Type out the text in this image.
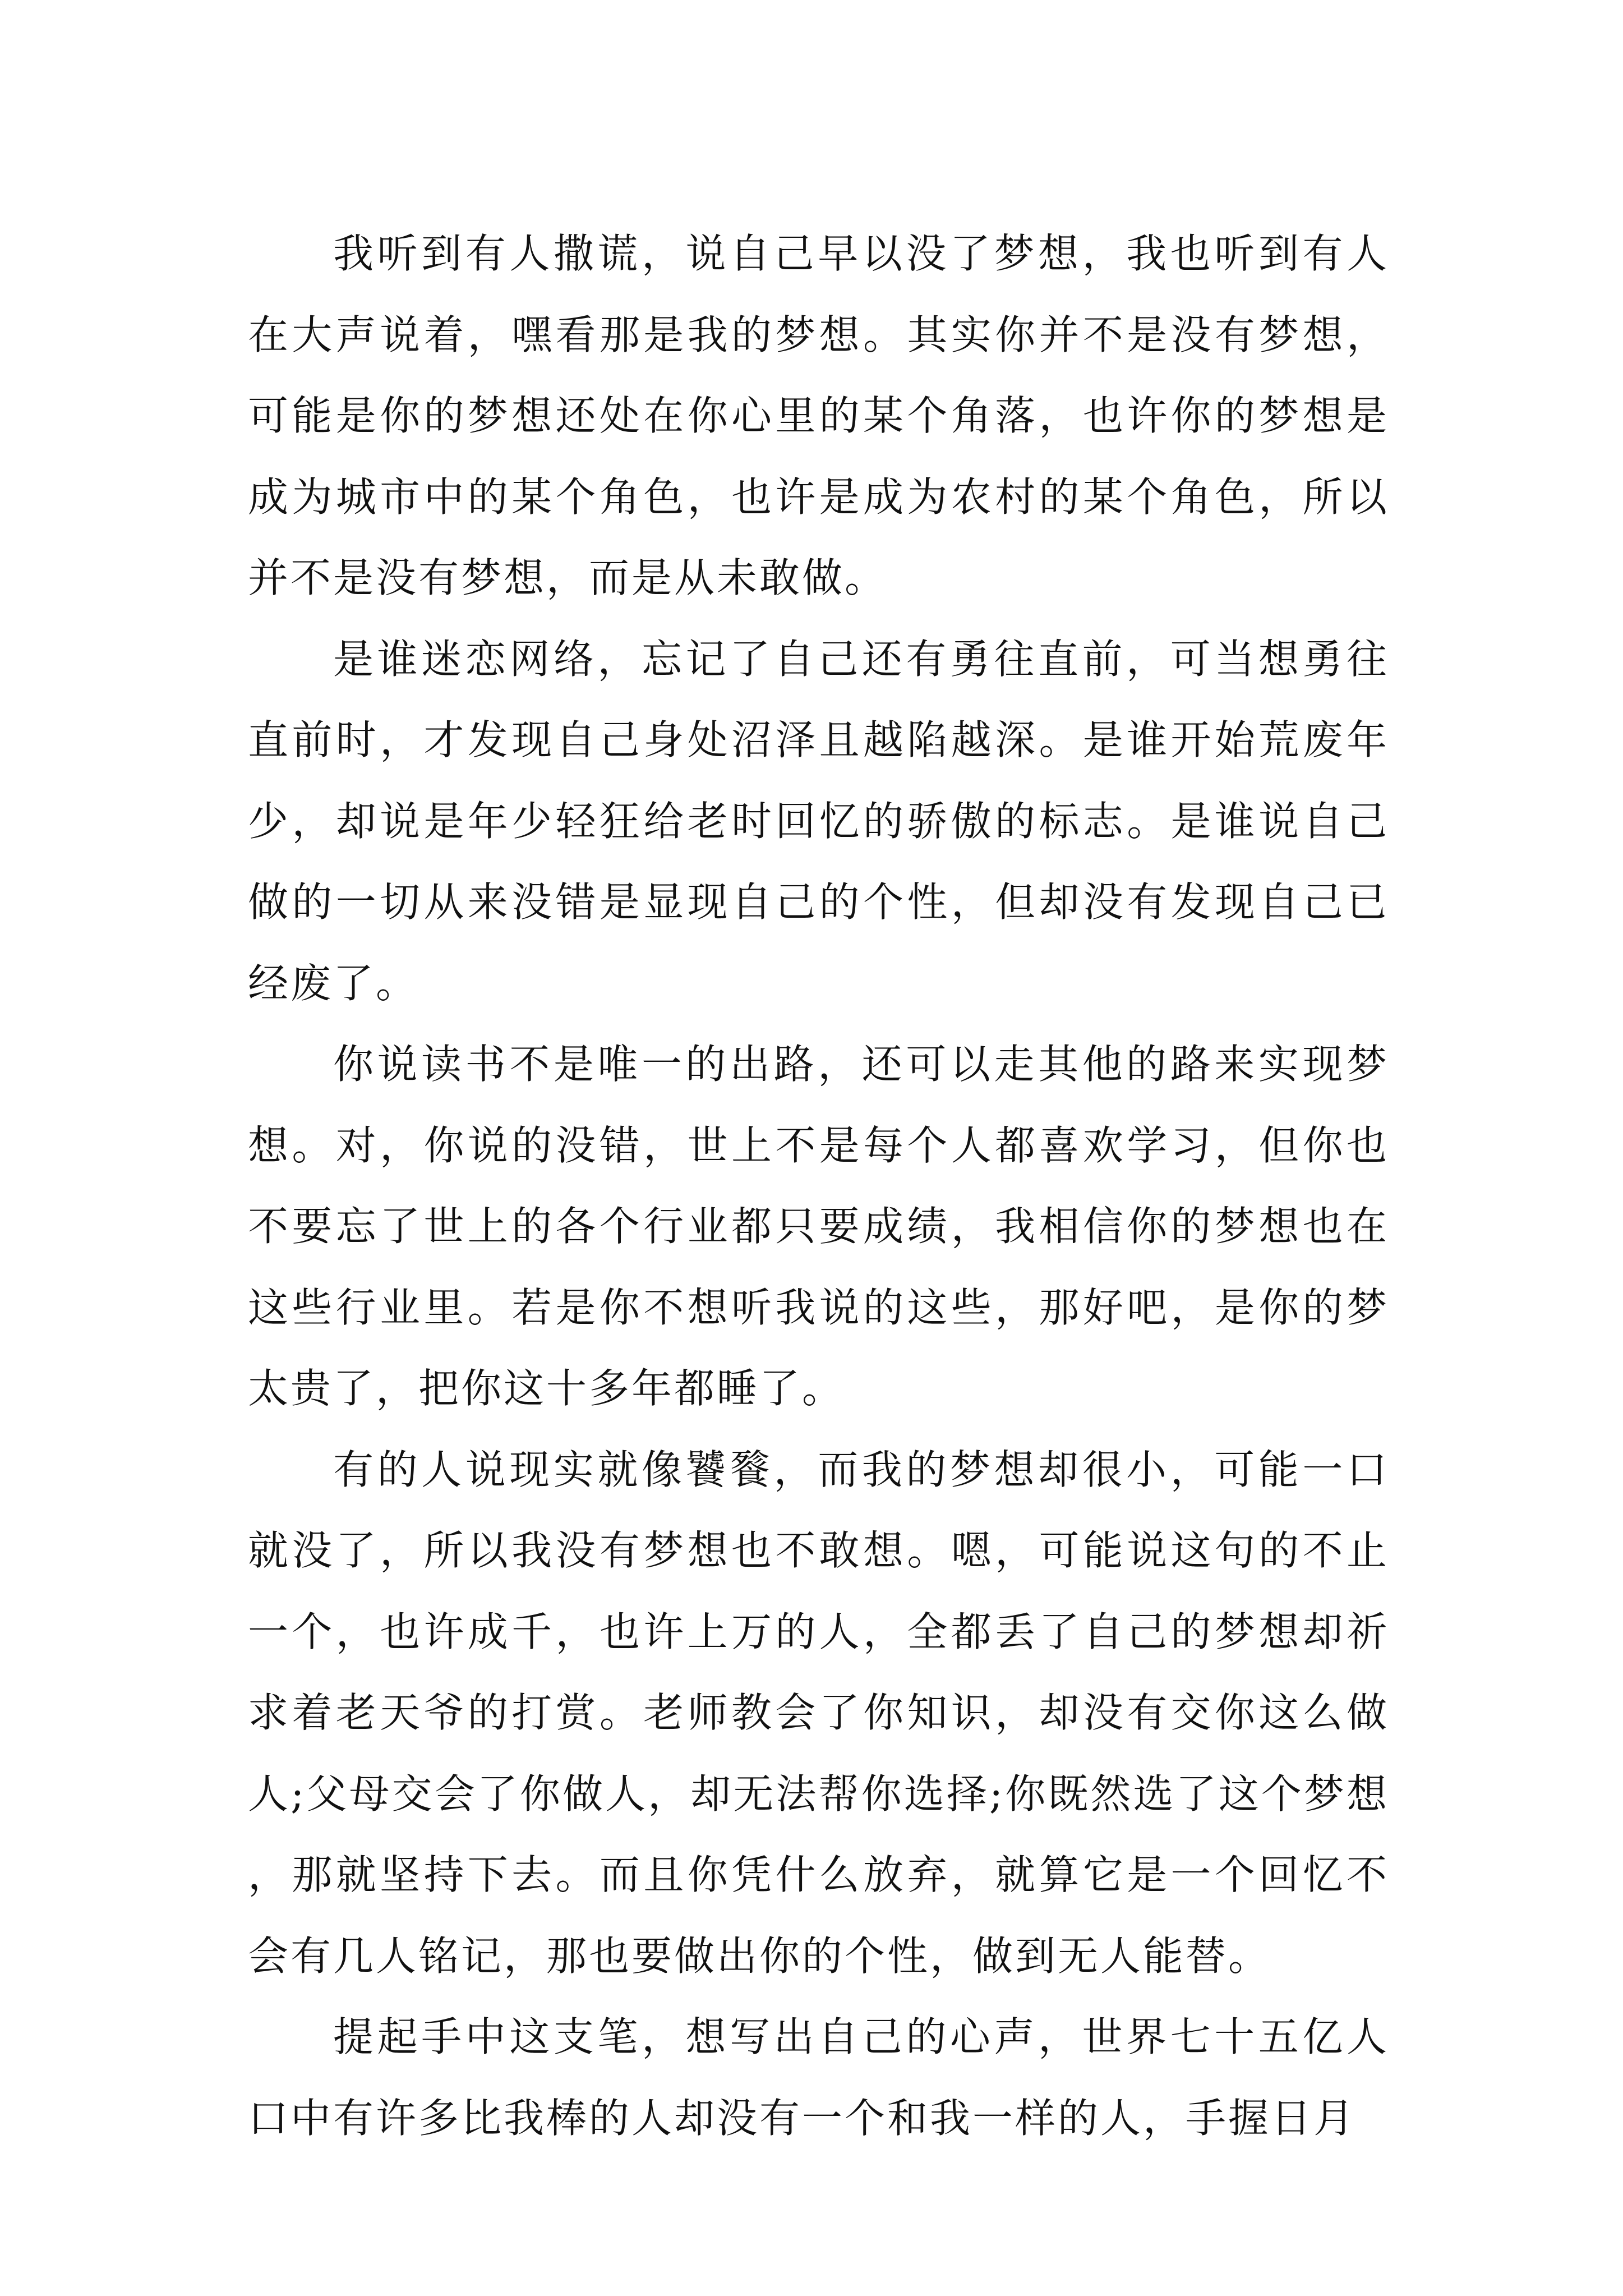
我听到有人撒谎，说自己早以没了梦想，我也听到有人在大声说着，嘿看那是我的梦想。其实你并不是没有梦想，可能是你的梦想还处在你心里的某个角落，也许你的梦想是成为城市中的某个角色，也许是成为农村的某个角色，所以并不是没有梦想，而是从未敢做。

是谁迷恋网络，忘记了自己还有勇往直前，可当想勇往直前时，才发现自己身处沼泽且越陷越深。是谁开始荒废年少，却说是年少轻狂给老时回忆的骄傲的标志。是谁说自己做的一切从来没错是显现自己的个性，但却没有发现自己已经废了。

你说读书不是唯一的出路，还可以走其他的路来实现梦想。对，你说的没错，世上不是每个人都喜欢学习，但你也不要忘了世上的各个行业都只要成绩，我相信你的梦想也在这些行业里。若是你不想听我说的这些，那好吧，是你的梦太贵了，把你这十多年都睡了。

有的人说现实就像饕餮，而我的梦想却很小，可能一口就没了，所以我没有梦想也不敢想。嗯，可能说这句的不止一个，也许成千，也许上万的人，全都丢了自己的梦想却祈求着老天爷的打赏。老师教会了你知识，却没有交你这么做人;父母交会了你做人，却无法帮你选择;你既然选了这个梦想，那就坚持下去。而且你凭什么放弃，就算它是一个回忆不会有几人铭记，那也要做出你的个性，做到无人能替。

提起手中这支笔，想写出自己的心声，世界七十五亿人口中有许多比我棒的人却没有一个和我一样的人，手握日月
